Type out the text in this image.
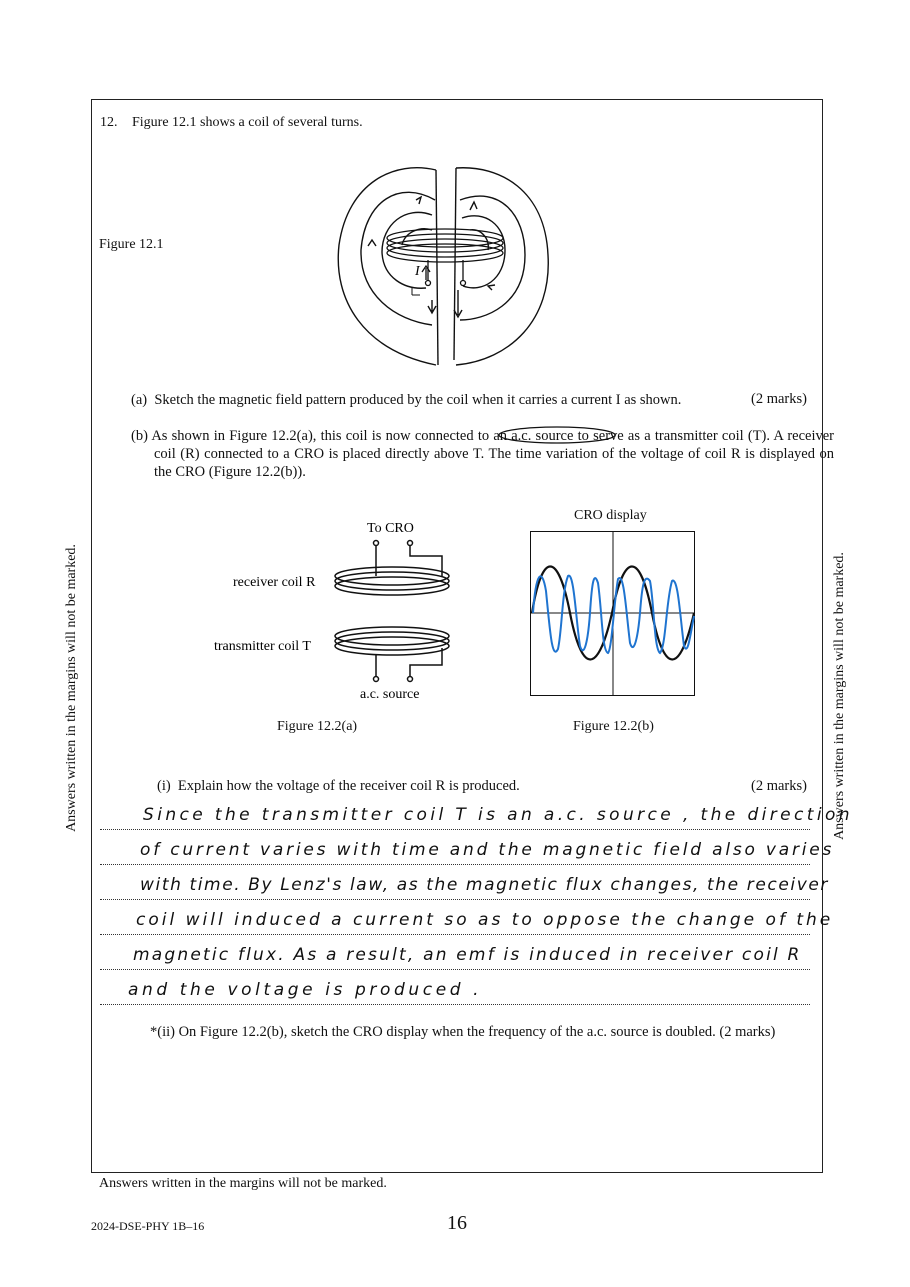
Answers written in the margins will not be marked.	Answers written in the margins will not be marked.
12. Figure 12.1 shows a coil of several turns.
Figure 12.1
I
(a) Sketch the magnetic field pattern produced by the coil when it carries a current I as shown.	(2 marks)
(b) As shown in Figure 12.2(a), this coil is now connected to an a.c. source to serve as a transmitter coil (T). A receiver coil (R) connected to a CRO is placed directly above T. The time variation of the voltage of coil R is displayed on the CRO (Figure 12.2(b)).
To CRO
receiver coil R
transmitter coil T
a.c. source
Figure 12.2(a)
CRO display
Figure 12.2(b)
(i) Explain how the voltage of the receiver coil R is produced.	(2 marks)
Since the transmitter coil T is an a.c. source , the direction
of current varies with time and the magnetic field also varies
with time. By Lenz's law, as the magnetic flux changes, the receiver
coil will induced a current so as to oppose the change of the
magnetic flux. As a result, an emf is induced in receiver coil R
and the voltage is produced .
*(ii) On Figure 12.2(b), sketch the CRO display when the frequency of the a.c. source is doubled. (2 marks)
Answers written in the margins will not be marked.
2024-DSE-PHY 1B–16	16
